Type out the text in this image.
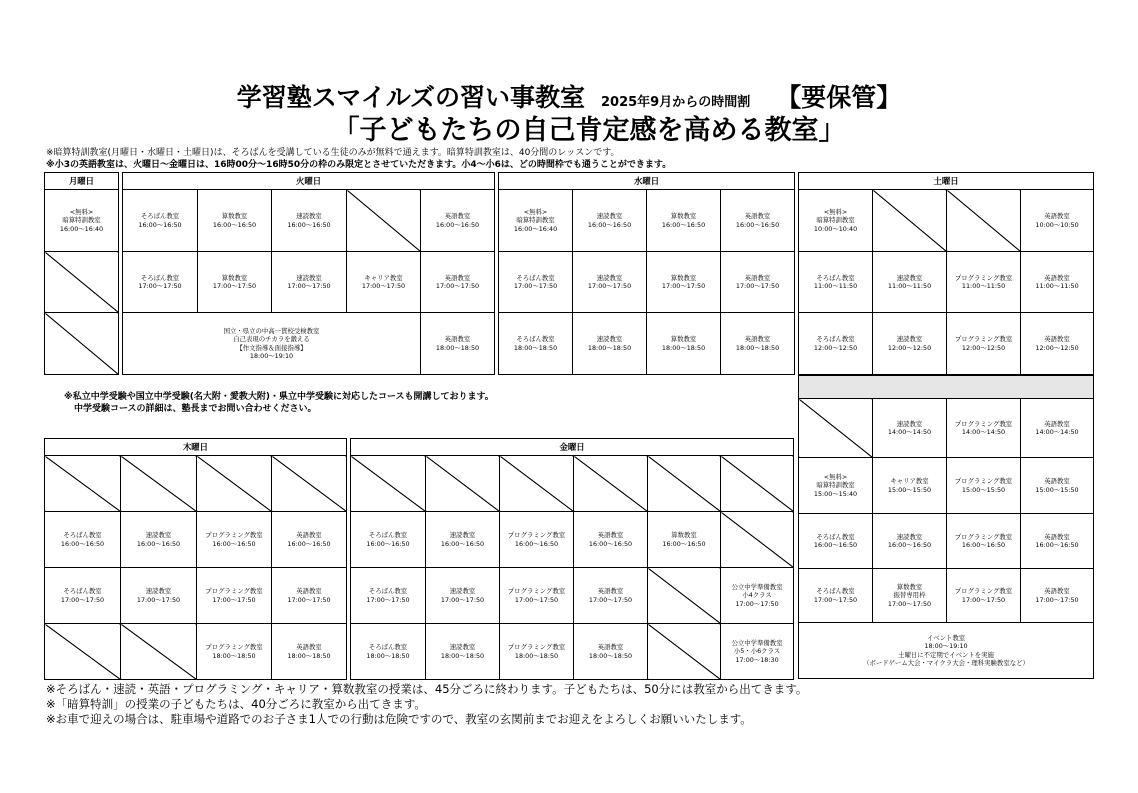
学習塾スマイルズの習い事教室 2025年9月からの時間割 【要保管】
「子どもたちの自己肯定感を高める教室」
※暗算特訓教室(月曜日・水曜日・土曜日)は、そろばんを受講している生徒のみが無料で通えます。暗算特訓教室は、40分間のレッスンです。
※小3の英語教室は、火曜日～金曜日は、16時00分～16時50分の枠のみ限定とさせていただきます。小4～小6は、どの時間枠でも通うことができます。
月曜日		火曜日						水曜日					土曜日			

<無料>
暗算特訓教室
16:00～16:40		そろばん教室
16:00～16:50	算数教室
16:00～16:50	速読教室
16:00～16:50		英語教室
16:00～16:50		<無料>
暗算特訓教室
16:00～16:40	速読教室
16:00～16:50	算数教室
16:00～16:50	英語教室
16:00～16:50		<無料>
暗算特訓教室
10:00～10:40			英語教室
10:00～10:50

		そろばん教室
17:00～17:50	算数教室
17:00～17:50	速読教室
17:00～17:50	キャリア教室
17:00～17:50	英語教室
17:00～17:50		そろばん教室
17:00～17:50	速読教室
17:00～17:50	算数教室
17:00～17:50	英語教室
17:00～17:50		そろばん教室
11:00～11:50	速読教室
11:00～11:50	プログラミング教室
11:00～11:50	英語教室
11:00～11:50

		国立・県立の中高一貫校受検教室
自己表現のチカラを鍛える
【作文指導＆面接指導】
18:00～19:10				英語教室
18:00～18:50		そろばん教室
18:00～18:50	速読教室
18:00～18:50	算数教室
18:00～18:50	英語教室
18:00～18:50		そろばん教室
12:00～12:50	速読教室
12:00～12:50	プログラミング教室
12:00～12:50	英語教室
12:00～12:50

	速読教室
14:00～14:50	プログラミング教室
14:00～14:50	英語教室
14:00～14:50

<無料>
暗算特訓教室
15:00～15:40	キャリア教室
15:00～15:50	プログラミング教室
15:00～15:50	英語教室
15:00～15:50

そろばん教室
16:00～16:50	速読教室
16:00～16:50	プログラミング教室
16:00～16:50	英語教室
16:00～16:50

そろばん教室
17:00～17:50	算数教室
振替専用枠
17:00～17:50	プログラミング教室
17:00～17:50	英語教室
17:00～17:50

イベント教室
18:00～19:10
土曜日に不定期でイベントを実施
（ボードゲーム大会・マイクラ大会・理科実験教室など）			
※私立中学受験や国立中学受験(名大附・愛教大附)・県立中学受験に対応したコースも開講しております。
中学受験コースの詳細は、塾長までお問い合わせください。
木曜日					金曜日					

そろばん教室
16:00～16:50	速読教室
16:00～16:50	プログラミング教室
16:00～16:50	英語教室
16:00～16:50		そろばん教室
16:00～16:50	速読教室
16:00～16:50	プログラミング教室
16:00～16:50	英語教室
16:00～16:50	算数教室
16:00～16:50	

そろばん教室
17:00～17:50	速読教室
17:00～17:50	プログラミング教室
17:00～17:50	英語教室
17:00～17:50		そろばん教室
17:00～17:50	速読教室
17:00～17:50	プログラミング教室
17:00～17:50	英語教室
17:00～17:50		公立中学準備教室
小4クラス
17:00～17:50

		プログラミング教室
18:00～18:50	英語教室
18:00～18:50		そろばん教室
18:00～18:50	速読教室
18:00～18:50	プログラミング教室
18:00～18:50	英語教室
18:00～18:50		公立中学準備教室
小5・小6クラス
17:00～18:30
※そろばん・速読・英語・プログラミング・キャリア・算数教室の授業は、45分ごろに終わります。子どもたちは、50分には教室から出てきます。
※「暗算特訓」の授業の子どもたちは、40分ごろに教室から出てきます。
※お車で迎えの場合は、駐車場や道路でのお子さま1人での行動は危険ですので、教室の玄関前までお迎えをよろしくお願いいたします。
